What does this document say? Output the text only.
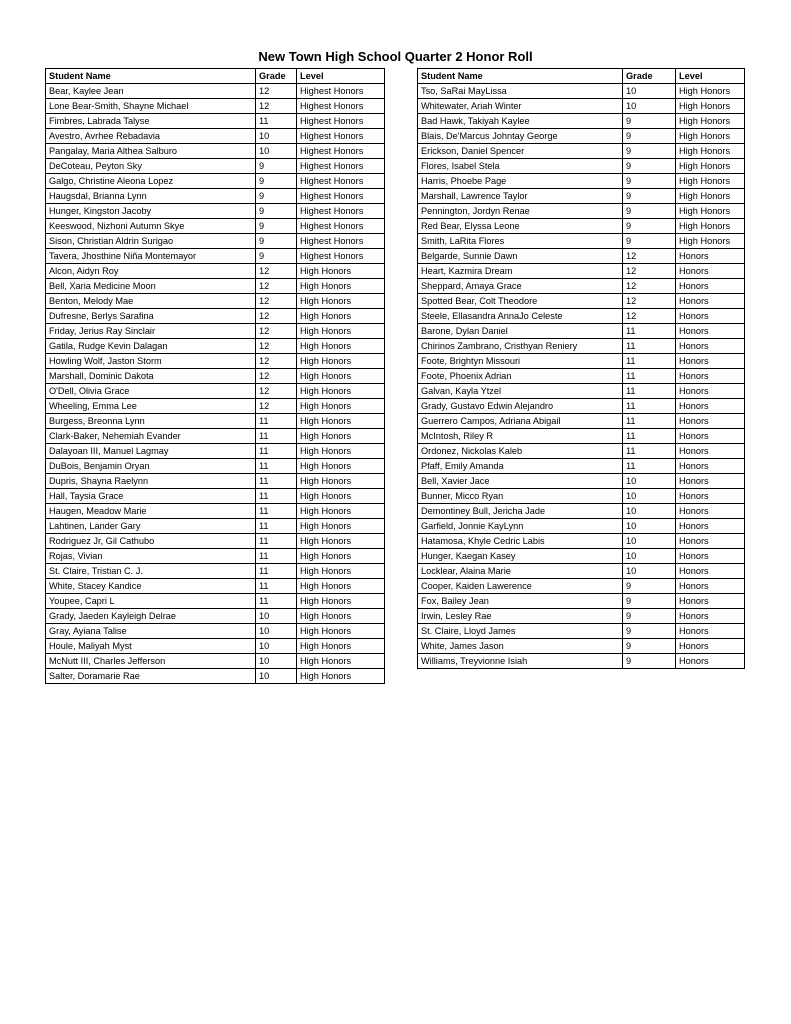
New Town High School Quarter 2 Honor Roll
Student Name	Grade	Level
Bear, Kaylee Jean	12	Highest Honors
Lone Bear-Smith, Shayne Michael	12	Highest Honors
Fimbres, Labrada Talyse	11	Highest Honors
Avestro, Avrhee Rebadavia	10	Highest Honors
Pangalay, Maria Althea Salburo	10	Highest Honors
DeCoteau, Peyton Sky	9	Highest Honors
Galgo, Christine Aleona Lopez	9	Highest Honors
Haugsdal, Brianna Lynn	9	Highest Honors
Hunger, Kingston Jacoby	9	Highest Honors
Keeswood, Nizhoni Autumn Skye	9	Highest Honors
Sison, Christian Aldrin Surigao	9	Highest Honors
Tavera, Jhosthine Niña Montemayor	9	Highest Honors
Alcon, Aidyn Roy	12	High Honors
Bell, Xaria Medicine Moon	12	High Honors
Benton, Melody Mae	12	High Honors
Dufresne, Berlys Sarafina	12	High Honors
Friday, Jerius Ray Sinclair	12	High Honors
Gatila, Rudge Kevin Dalagan	12	High Honors
Howling Wolf, Jaston Storm	12	High Honors
Marshall, Dominic Dakota	12	High Honors
O'Dell, Olivia Grace	12	High Honors
Wheeling, Emma Lee	12	High Honors
Burgess, Breonna Lynn	11	High Honors
Clark-Baker, Nehemiah Evander	11	High Honors
Dalayoan III, Manuel Lagmay	11	High Honors
DuBois, Benjamin Oryan	11	High Honors
Dupris, Shayna Raelynn	11	High Honors
Hall, Taysia Grace	11	High Honors
Haugen, Meadow Marie	11	High Honors
Lahtinen, Lander Gary	11	High Honors
Rodriguez Jr, Gil Cathubo	11	High Honors
Rojas, Vivian	11	High Honors
St. Claire, Tristian C. J.	11	High Honors
White, Stacey Kandice	11	High Honors
Youpee, Capri L	11	High Honors
Grady, Jaeden Kayleigh Delrae	10	High Honors
Gray, Ayiana Talise	10	High Honors
Houle, Maliyah Myst	10	High Honors
McNutt III, Charles Jefferson	10	High Honors
Salter, Doramarie Rae	10	High Honors
Student Name	Grade	Level
Tso, SaRai MayLissa	10	High Honors
Whitewater, Ariah Winter	10	High Honors
Bad Hawk, Takiyah Kaylee	9	High Honors
Blais, De'Marcus Johntay George	9	High Honors
Erickson, Daniel Spencer	9	High Honors
Flores, Isabel Stela	9	High Honors
Harris, Phoebe Page	9	High Honors
Marshall, Lawrence Taylor	9	High Honors
Pennington, Jordyn Renae	9	High Honors
Red Bear, Elyssa Leone	9	High Honors
Smith, LaRita Flores	9	High Honors
Belgarde, Sunnie Dawn	12	Honors
Heart, Kazmira Dream	12	Honors
Sheppard, Amaya Grace	12	Honors
Spotted Bear, Colt Theodore	12	Honors
Steele, Ellasandra AnnaJo Celeste	12	Honors
Barone, Dylan Daniel	11	Honors
Chirinos Zambrano, Cristhyan Reniery	11	Honors
Foote, Brightyn Missouri	11	Honors
Foote, Phoenix Adrian	11	Honors
Galvan, Kayla Ytzel	11	Honors
Grady, Gustavo Edwin Alejandro	11	Honors
Guerrero Campos, Adriana Abigail	11	Honors
McIntosh, Riley R	11	Honors
Ordonez, Nickolas Kaleb	11	Honors
Pfaff, Emily Amanda	11	Honors
Bell, Xavier Jace	10	Honors
Bunner, Micco Ryan	10	Honors
Demontiney Bull, Jericha Jade	10	Honors
Garfield, Jonnie KayLynn	10	Honors
Hatamosa, Khyle Cedric Labis	10	Honors
Hunger, Kaegan Kasey	10	Honors
Locklear, Alaina Marie	10	Honors
Cooper, Kaiden Lawerence	9	Honors
Fox, Bailey Jean	9	Honors
Irwin, Lesley Rae	9	Honors
St. Claire, Lloyd James	9	Honors
White, James Jason	9	Honors
Williams, Treyvionne Isiah	9	Honors
